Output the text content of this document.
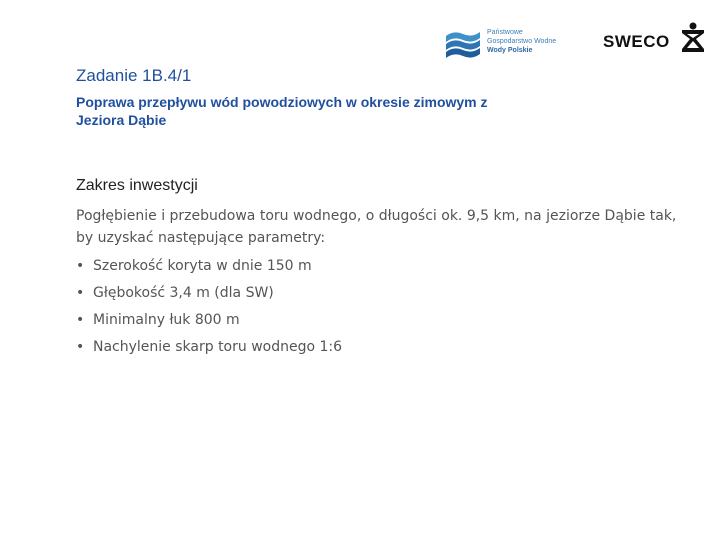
Państwowe
Gospodarstwo Wodne
Wody Polskie	SWECO
Zadanie 1B.4/1
Poprawa przepływu wód powodziowych w okresie zimowym z Jeziora Dąbie
Zakres inwestycji
Pogłębienie i przebudowa toru wodnego, o długości ok. 9,5 km, na jeziorze Dąbie tak, by uzyskać następujące parametry:
• Szerokość koryta w dnie 150 m
• Głębokość 3,4 m (dla SW)
• Minimalny łuk 800 m
• Nachylenie skarp toru wodnego 1:6
